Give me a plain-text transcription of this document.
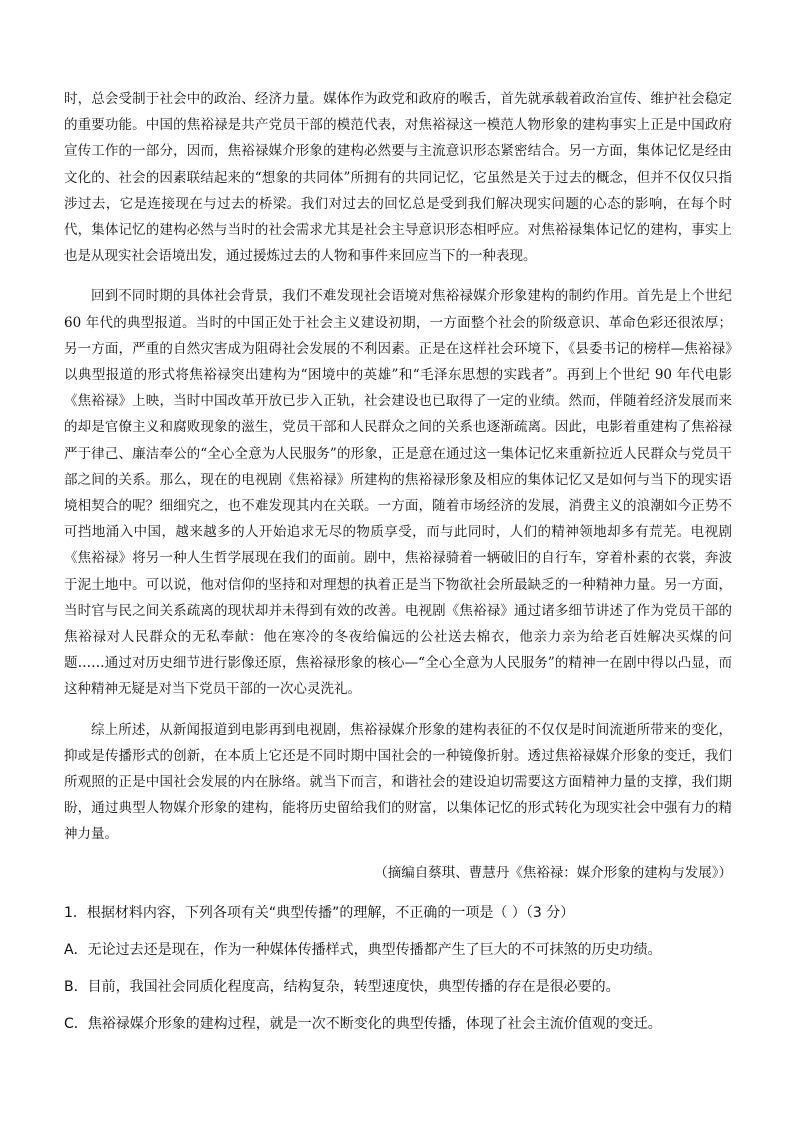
时，总会受制于社会中的政治、经济力量。媒体作为政党和政府的喉舌，首先就承载着政治宣传、维护社会稳定的重要功能。中国的焦裕禄是共产党员干部的模范代表，对焦裕禄这一模范人物形象的建构事实上正是中国政府宣传工作的一部分，因而，焦裕禄媒介形象的建构必然要与主流意识形态紧密结合。另一方面，集体记忆是经由文化的、社会的因素联结起来的“想象的共同体”所拥有的共同记忆，它虽然是关于过去的概念，但并不仅仅只指涉过去，它是连接现在与过去的桥梁。我们对过去的回忆总是受到我们解决现实问题的心态的影响，在每个时代，集体记忆的建构必然与当时的社会需求尤其是社会主导意识形态相呼应。对焦裕禄集体记忆的建构，事实上也是从现实社会语境出发，通过援炼过去的人物和事件来回应当下的一种表现。

回到不同时期的具体社会背景，我们不难发现社会语境对焦裕禄媒介形象建构的制约作用。首先是上个世纪 60 年代的典型报道。当时的中国正处于社会主义建设初期，一方面整个社会的阶级意识、革命色彩还很浓厚；另一方面，严重的自然灾害成为阻碍社会发展的不利因素。正是在这样社会环境下，《县委书记的榜样—焦裕禄》以典型报道的形式将焦裕禄突出建构为“困境中的英雄”和“毛泽东思想的实践者”。再到上个世纪 90 年代电影《焦裕禄》上映，当时中国改革开放已步入正轨，社会建设也已取得了一定的业绩。然而，伴随着经济发展而来的却是官僚主义和腐败现象的滋生，党员干部和人民群众之间的关系也逐渐疏离。因此，电影着重建构了焦裕禄严于律己、廉洁奉公的“全心全意为人民服务”的形象，正是意在通过这一集体记忆来重新拉近人民群众与党员干部之间的关系。那么，现在的电视剧《焦裕禄》所建构的焦裕禄形象及相应的集体记忆又是如何与当下的现实语境相契合的呢？细细究之，也不难发现其内在关联。一方面，随着市场经济的发展，消费主义的浪潮如今正势不可挡地涌入中国，越来越多的人开始追求无尽的物质享受，而与此同时，人们的精神领地却多有荒芜。电视剧《焦裕禄》将另一种人生哲学展现在我们的面前。剧中，焦裕禄骑着一辆破旧的自行车，穿着朴素的衣裳，奔波于泥土地中。可以说，他对信仰的坚持和对理想的执着正是当下物欲社会所最缺乏的一种精神力量。另一方面，当时官与民之间关系疏离的现状却并未得到有效的改善。电视剧《焦裕禄》通过诸多细节讲述了作为党员干部的焦裕禄对人民群众的无私奉献：他在寒冷的冬夜给偏远的公社送去棉衣，他亲力亲为给老百姓解决买煤的问题……通过对历史细节进行影像还原，焦裕禄形象的核心—“全心全意为人民服务”的精神一在剧中得以凸显，而这种精神无疑是对当下党员干部的一次心灵洗礼。

综上所述，从新闻报道到电影再到电视剧，焦裕禄媒介形象的建构表征的不仅仅是时间流逝所带来的变化，抑或是传播形式的创新，在本质上它还是不同时期中国社会的一种镜像折射。透过焦裕禄媒介形象的变迁，我们所观照的正是中国社会发展的内在脉络。就当下而言，和谐社会的建设迫切需要这方面精神力量的支撑，我们期盼，通过典型人物媒介形象的建构，能将历史留给我们的财富，以集体记忆的形式转化为现实社会中强有力的精神力量。

（摘编自蔡琪、曹慧丹《焦裕禄：媒介形象的建构与发展》）

1．根据材料内容，下列各项有关“典型传播”的理解，不正确的一项是（ ）（3 分）

A．无论过去还是现在，作为一种媒体传播样式，典型传播都产生了巨大的不可抹煞的历史功绩。

B．目前，我国社会同质化程度高，结构复杂，转型速度快，典型传播的存在是很必要的。

C．焦裕禄媒介形象的建构过程，就是一次不断变化的典型传播，体现了社会主流价值观的变迁。
